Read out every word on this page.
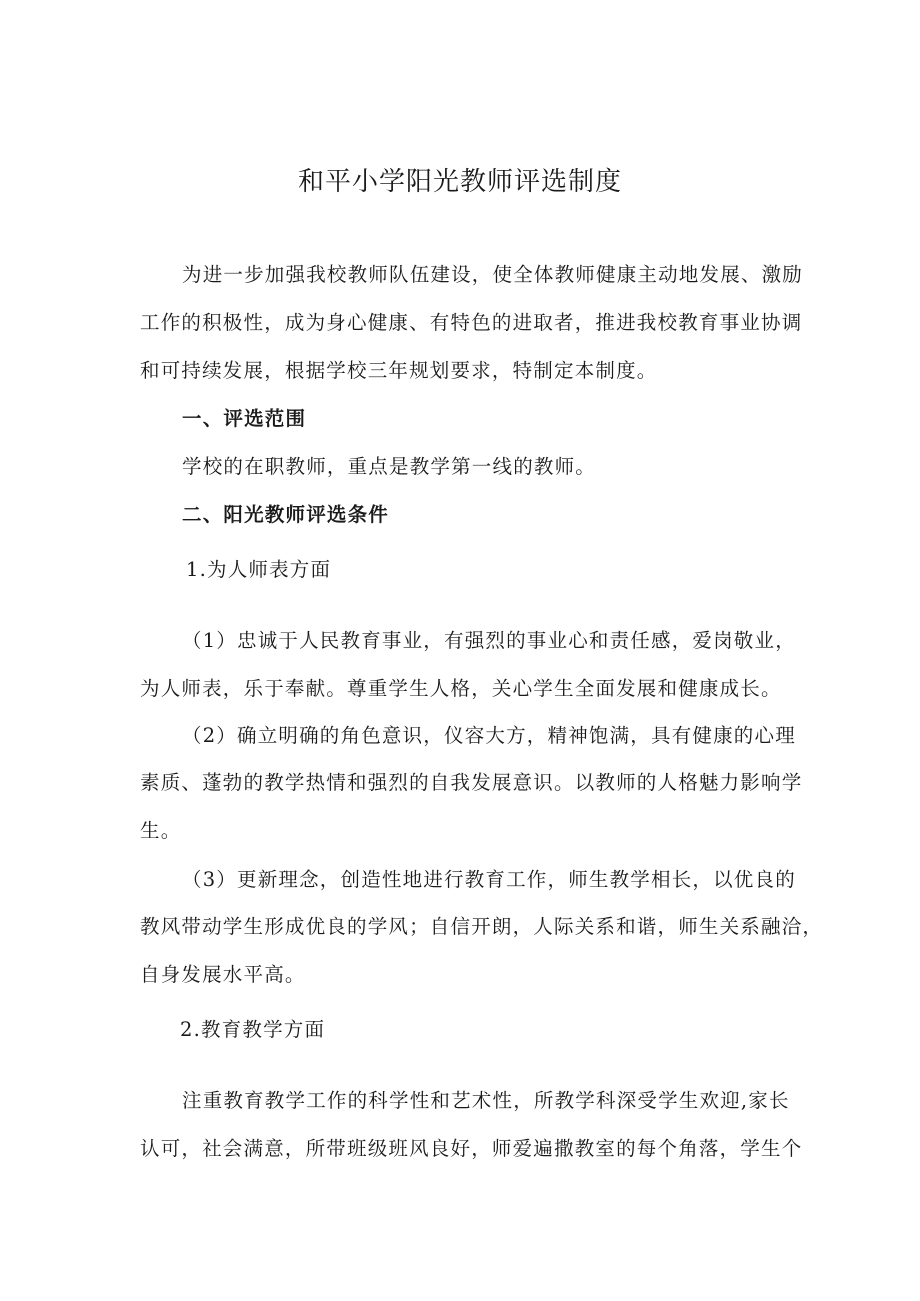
和平小学阳光教师评选制度
为进一步加强我校教师队伍建设，使全体教师健康主动地发展、激励
工作的积极性，成为身心健康、有特色的进取者，推进我校教育事业协调
和可持续发展，根据学校三年规划要求，特制定本制度。
一、评选范围
学校的在职教师，重点是教学第一线的教师。
二、阳光教师评选条件
1.为人师表方面
（1）忠诚于人民教育事业，有强烈的事业心和责任感，爱岗敬业，
为人师表，乐于奉献。尊重学生人格，关心学生全面发展和健康成长。
（2）确立明确的角色意识，仪容大方，精神饱满，具有健康的心理
素质、蓬勃的教学热情和强烈的自我发展意识。以教师的人格魅力影响学
生。
（3）更新理念，创造性地进行教育工作，师生教学相长，以优良的
教风带动学生形成优良的学风；自信开朗，人际关系和谐，师生关系融洽，
自身发展水平高。
2.教育教学方面
注重教育教学工作的科学性和艺术性，所教学科深受学生欢迎,家长
认可，社会满意，所带班级班风良好，师爱遍撒教室的每个角落，学生个
